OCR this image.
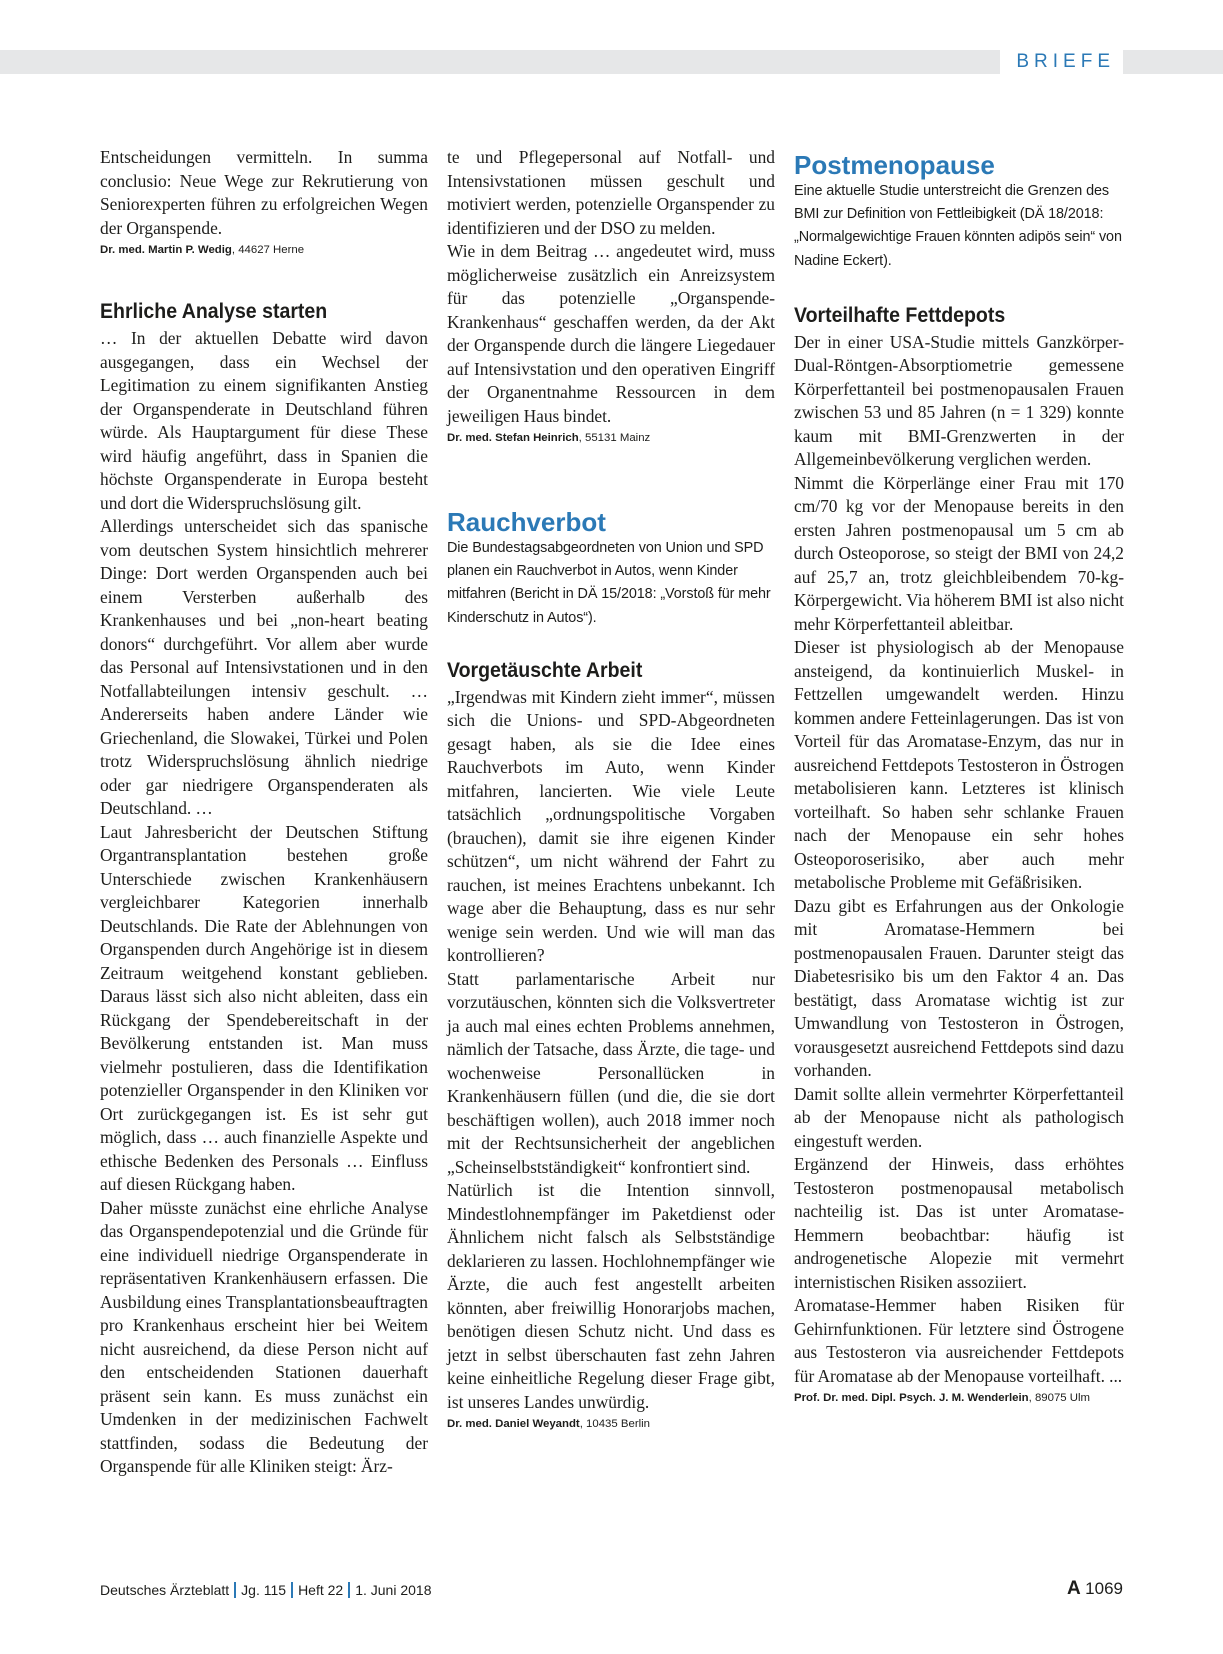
BRIEFE

Entscheidungen vermitteln. In summa conclusio: Neue Wege zur Rekrutierung von Seniorexperten führen zu erfolgreichen Wegen der Organspende.

Dr. med. Martin P. Wedig, 44627 Herne
Ehrliche Analyse starten

… In der aktuellen Debatte wird davon ausgegangen, dass ein Wechsel der Legitimation zu einem signifikanten Anstieg der Organspenderate in Deutschland führen würde. Als Hauptargument für diese These wird häufig angeführt, dass in Spanien die höchste Organspenderate in Europa besteht und dort die Widerspruchslösung gilt.

Allerdings unterscheidet sich das spanische vom deutschen System hinsichtlich mehrerer Dinge: Dort werden Organspenden auch bei einem Versterben außerhalb des Krankenhauses und bei „non-heart beating donors“ durchgeführt. Vor allem aber wurde das Personal auf Intensivstationen und in den Notfallabteilungen intensiv geschult. … Andererseits haben andere Länder wie Griechenland, die Slowakei, Türkei und Polen trotz Widerspruchslösung ähnlich niedrige oder gar niedrigere Organspenderaten als Deutschland. …

Laut Jahresbericht der Deutschen Stiftung Organtransplantation bestehen große Unterschiede zwischen Krankenhäusern vergleichbarer Kategorien innerhalb Deutschlands. Die Rate der Ablehnungen von Organspenden durch Angehörige ist in diesem Zeitraum weitgehend konstant geblieben. Daraus lässt sich also nicht ableiten, dass ein Rückgang der Spendebereitschaft in der Bevölkerung entstanden ist. Man muss vielmehr postulieren, dass die Identifikation potenzieller Organspender in den Kliniken vor Ort zurückgegangen ist. Es ist sehr gut möglich, dass … auch finanzielle Aspekte und ethische Bedenken des Personals … Einfluss auf diesen Rückgang haben.

Daher müsste zunächst eine ehrliche Analyse das Organspendepotenzial und die Gründe für eine individuell niedrige Organspenderate in repräsentativen Krankenhäusern erfassen. Die Ausbildung eines Transplantationsbeauftragten pro Krankenhaus erscheint hier bei Weitem nicht ausreichend, da diese Person nicht auf den entscheidenden Stationen dauerhaft präsent sein kann. Es muss zunächst ein Umdenken in der medizinischen Fachwelt stattfinden, sodass die Bedeutung der Organspende für alle Kliniken steigt: Ärz-

te und Pflegepersonal auf Notfall- und Intensivstationen müssen geschult und motiviert werden, potenzielle Organspender zu identifizieren und der DSO zu melden.

Wie in dem Beitrag … angedeutet wird, muss möglicherweise zusätzlich ein Anreizsystem für das potenzielle „Organspende-Krankenhaus“ geschaffen werden, da der Akt der Organspende durch die längere Liegedauer auf Intensivstation und den operativen Eingriff der Organentnahme Ressourcen in dem jeweiligen Haus bindet.

Dr. med. Stefan Heinrich, 55131 Mainz
Rauchverbot

Die Bundestagsabgeordneten von Union und SPD planen ein Rauchverbot in Autos, wenn Kinder mitfahren (Bericht in DÄ 15/2018: „Vorstoß für mehr Kinderschutz in Autos“).

Vorgetäuschte Arbeit

„Irgendwas mit Kindern zieht immer“, müssen sich die Unions- und SPD-Abgeordneten gesagt haben, als sie die Idee eines Rauchverbots im Auto, wenn Kinder mitfahren, lancierten. Wie viele Leute tatsächlich „ordnungspolitische Vorgaben (brauchen), damit sie ihre eigenen Kinder schützen“, um nicht während der Fahrt zu rauchen, ist meines Erachtens unbekannt. Ich wage aber die Behauptung, dass es nur sehr wenige sein werden. Und wie will man das kontrollieren?

Statt parlamentarische Arbeit nur vorzutäuschen, könnten sich die Volksvertreter ja auch mal eines echten Problems annehmen, nämlich der Tatsache, dass Ärzte, die tage- und wochenweise Personallücken in Krankenhäusern füllen (und die, die sie dort beschäftigen wollen), auch 2018 immer noch mit der Rechtsunsicherheit der angeblichen „Scheinselbstständigkeit“ konfrontiert sind.

Natürlich ist die Intention sinnvoll, Mindestlohnempfänger im Paketdienst oder Ähnlichem nicht falsch als Selbstständige deklarieren zu lassen. Hochlohnempfänger wie Ärzte, die auch fest angestellt arbeiten könnten, aber freiwillig Honorarjobs machen, benötigen diesen Schutz nicht. Und dass es jetzt in selbst überschauten fast zehn Jahren keine einheitliche Regelung dieser Frage gibt, ist unseres Landes unwürdig.

Dr. med. Daniel Weyandt, 10435 Berlin
Postmenopause

Eine aktuelle Studie unterstreicht die Grenzen des BMI zur Definition von Fettleibigkeit (DÄ 18/2018: „Normalgewichtige Frauen könnten adipös sein“ von Nadine Eckert).

Vorteilhafte Fettdepots

Der in einer USA-Studie mittels Ganzkörper-Dual-Röntgen-Absorptiometrie gemessene Körperfettanteil bei postmenopausalen Frauen zwischen 53 und 85 Jahren (n = 1 329) konnte kaum mit BMI-Grenzwerten in der Allgemeinbevölkerung verglichen werden.

Nimmt die Körperlänge einer Frau mit 170 cm/70 kg vor der Menopause bereits in den ersten Jahren postmenopausal um 5 cm ab durch Osteoporose, so steigt der BMI von 24,2 auf 25,7 an, trotz gleichbleibendem 70-kg-Körpergewicht. Via höherem BMI ist also nicht mehr Körperfettanteil ableitbar.

Dieser ist physiologisch ab der Menopause ansteigend, da kontinuierlich Muskel- in Fettzellen umgewandelt werden. Hinzu kommen andere Fetteinlagerungen. Das ist von Vorteil für das Aromatase-Enzym, das nur in ausreichend Fettdepots Testosteron in Östrogen metabolisieren kann. Letzteres ist klinisch vorteilhaft. So haben sehr schlanke Frauen nach der Menopause ein sehr hohes Osteoporoserisiko, aber auch mehr metabolische Probleme mit Gefäßrisiken.

Dazu gibt es Erfahrungen aus der Onkologie mit Aromatase-Hemmern bei postmenopausalen Frauen. Darunter steigt das Diabetesrisiko bis um den Faktor 4 an. Das bestätigt, dass Aromatase wichtig ist zur Umwandlung von Testosteron in Östrogen, vorausgesetzt ausreichend Fettdepots sind dazu vorhanden.

Damit sollte allein vermehrter Körperfettanteil ab der Menopause nicht als pathologisch eingestuft werden.

Ergänzend der Hinweis, dass erhöhtes Testosteron postmenopausal metabolisch nachteilig ist. Das ist unter Aromatase-Hemmern beobachtbar: häufig ist androgenetische Alopezie mit vermehrt internistischen Risiken assoziiert.

Aromatase-Hemmer haben Risiken für Gehirnfunktionen. Für letztere sind Östrogene aus Testosteron via ausreichender Fettdepots für Aromatase ab der Menopause vorteilhaft. ...

Prof. Dr. med. Dipl. Psych. J. M. Wenderlein, 89075 Ulm
Deutsches Ärzteblatt Jg. 115 Heft 22 1. Juni 2018	A 1069
